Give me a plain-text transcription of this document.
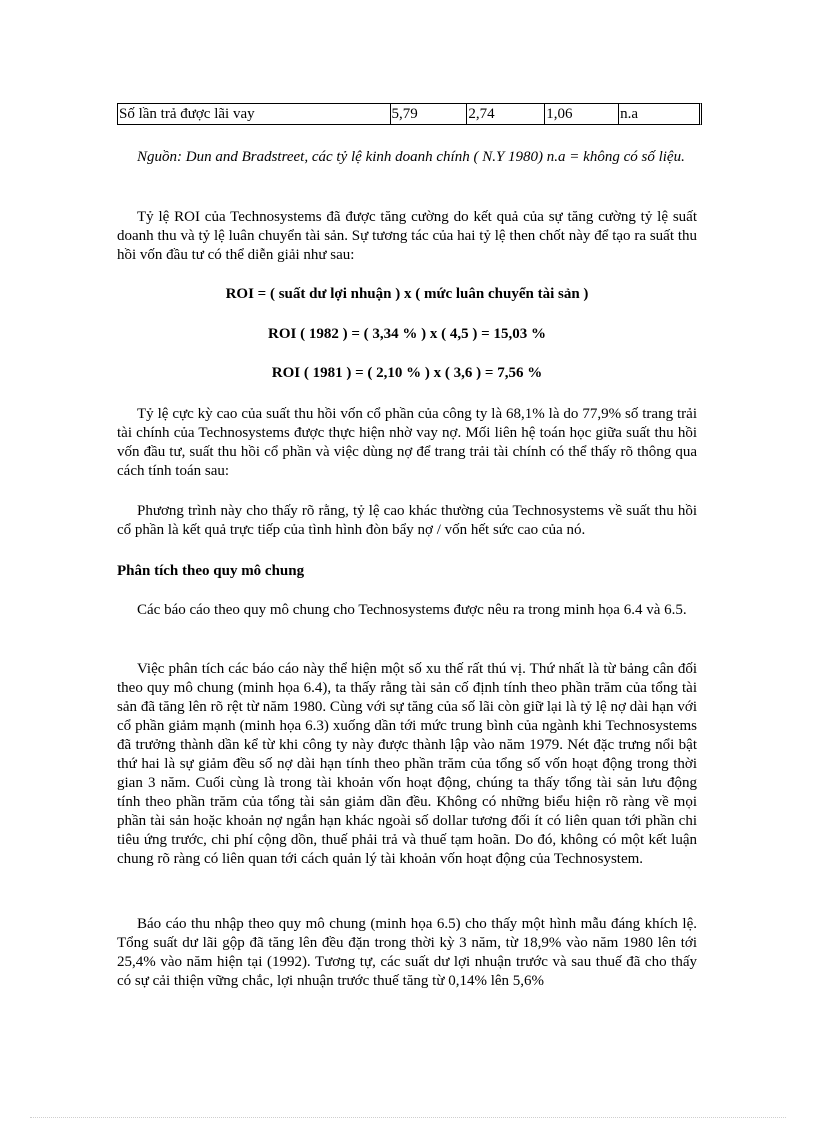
Số lần trả được lãi vay	5,79	2,74	1,06	n.a

Nguồn: Dun and Bradstreet, các tỷ lệ kinh doanh chính ( N.Y 1980) n.a = không có số liệu.

Tỷ lệ ROI của Technosystems đã được tăng cường do kết quả của sự tăng cường tỷ lệ suất doanh thu và tỷ lệ luân chuyển tài sản. Sự tương tác của hai tỷ lệ then chốt này để tạo ra suất thu hồi vốn đầu tư có thể diễn giải như sau:

ROI = ( suất dư lợi nhuận ) x ( mức luân chuyển tài sản )

ROI ( 1982 ) = ( 3,34 % ) x ( 4,5 ) = 15,03 %

ROI ( 1981 ) = ( 2,10 % ) x ( 3,6 ) = 7,56 %

Tỷ lệ cực kỳ cao của suất thu hồi vốn cổ phần của công ty là 68,1% là do 77,9% số trang trải tài chính của Technosystems được thực hiện nhờ vay nợ. Mối liên hệ toán học giữa suất thu hồi vốn đầu tư, suất thu hồi cổ phần và việc dùng nợ để trang trải tài chính có thể thấy rõ thông qua cách tính toán sau:

Phương trình này cho thấy rõ rằng, tỷ lệ cao khác thường của Technosystems về suất thu hồi cổ phần là kết quả trực tiếp của tình hình đòn bẩy nợ / vốn hết sức cao của nó.

Phân tích theo quy mô chung

Các báo cáo theo quy mô chung cho Technosystems được nêu ra trong minh họa 6.4 và 6.5.

Việc phân tích các báo cáo này thể hiện một số xu thế rất thú vị. Thứ nhất là từ bảng cân đối theo quy mô chung (minh họa 6.4), ta thấy rằng tài sản cố định tính theo phần trăm của tổng tài sản đã tăng lên rõ rệt từ năm 1980. Cùng với sự tăng của số lãi còn giữ lại là tỷ lệ nợ dài hạn với cổ phần giảm mạnh (minh họa 6.3) xuống dần tới mức trung bình của ngành khi Technosystems đã trưởng thành dần kể từ khi công ty này được thành lập vào năm 1979. Nét đặc trưng nổi bật thứ hai là sự giảm đều số nợ dài hạn tính theo phần trăm của tổng số vốn hoạt động trong thời gian 3 năm. Cuối cùng là trong tài khoản vốn hoạt động, chúng ta thấy tổng tài sản lưu động tính theo phần trăm của tổng tài sản giảm dần đều. Không có những biểu hiện rõ ràng về mọi phần tài sản hoặc khoản nợ ngắn hạn khác ngoài số dollar tương đối ít có liên quan tới phần chi tiêu ứng trước, chi phí cộng dồn, thuế phải trả và thuế tạm hoãn. Do đó, không có một kết luận chung rõ ràng có liên quan tới cách quản lý tài khoản vốn hoạt động của Technosystem.

Báo cáo thu nhập theo quy mô chung (minh họa 6.5) cho thấy một hình mẫu đáng khích lệ. Tổng suất dư lãi gộp đã tăng lên đều đặn trong thời kỳ 3 năm, từ 18,9% vào năm 1980 lên tới 25,4% vào năm hiện tại (1992). Tương tự, các suất dư lợi nhuận trước và sau thuế đã cho thấy có sự cải thiện vững chắc, lợi nhuận trước thuế tăng từ 0,14% lên 5,6%
